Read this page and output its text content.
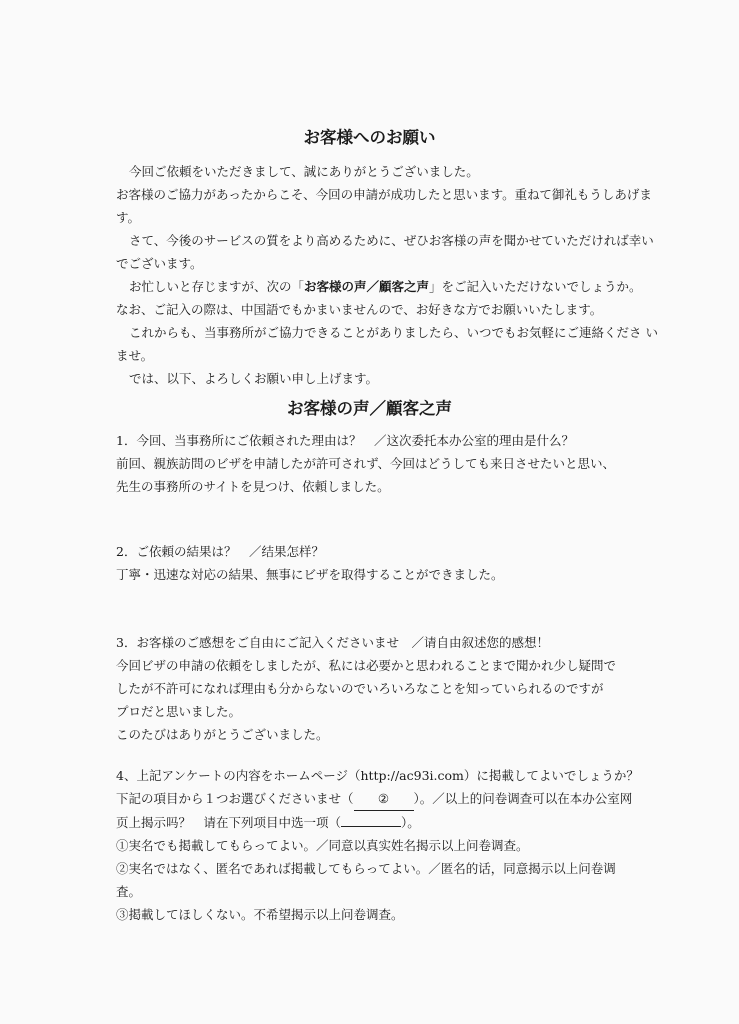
お客様へのお願い
今回ご依頼をいただきまして、誠にありがとうございました。
お客様のご協力があったからこそ、今回の申請が成功したと思います。重ねて御礼もうしあげま
す。
さて、今後のサービスの質をより高めるために、ぜひお客様の声を聞かせていただければ幸い
でございます。
お忙しいと存じますが、次の「お客様の声／顧客之声」をご記入いただけないでしょうか。
なお、ご記入の際は、中国語でもかまいませんので、お好きな方でお願いいたします。
これからも、当事務所がご協力できることがありましたら、いつでもお気軽にご連絡くださ い
ませ。
では、以下、よろしくお願い申し上げます。
お客様の声／顧客之声
1．今回、当事務所にご依頼された理由は？　／这次委托本办公室的理由是什么？
前回、親族訪問のビザを申請したが許可されず、今回はどうしても来日させたいと思い、
先生の事務所のサイトを見つけ、依頼しました。
2．ご依頼の結果は？　／结果怎样？
丁寧・迅速な対応の結果、無事にビザを取得することができました。
3．お客様のご感想をご自由にご記入くださいませ　／请自由叙述您的感想！
今回ビザの申請の依頼をしましたが、私には必要かと思われることまで聞かれ少し疑問で
したが不許可になれば理由も分からないのでいろいろなことを知っていられるのですが
プロだと思いました。
このたびはありがとうございました。
4、上記アンケートの内容をホームページ（http://ac93i.com）に掲載してよいでしょうか？
下記の項目から１つお選びくださいませ（ ② ）。／以上的问卷调查可以在本办公室网
页上揭示吗？　请在下列项目中选一项（	）。
①実名でも掲載してもらってよい。／同意以真实姓名揭示以上问卷调查。
②実名ではなく、匿名であれば掲載してもらってよい。／匿名的话，同意揭示以上问卷调
査。
③掲載してほしくない。不希望揭示以上问卷调查。
